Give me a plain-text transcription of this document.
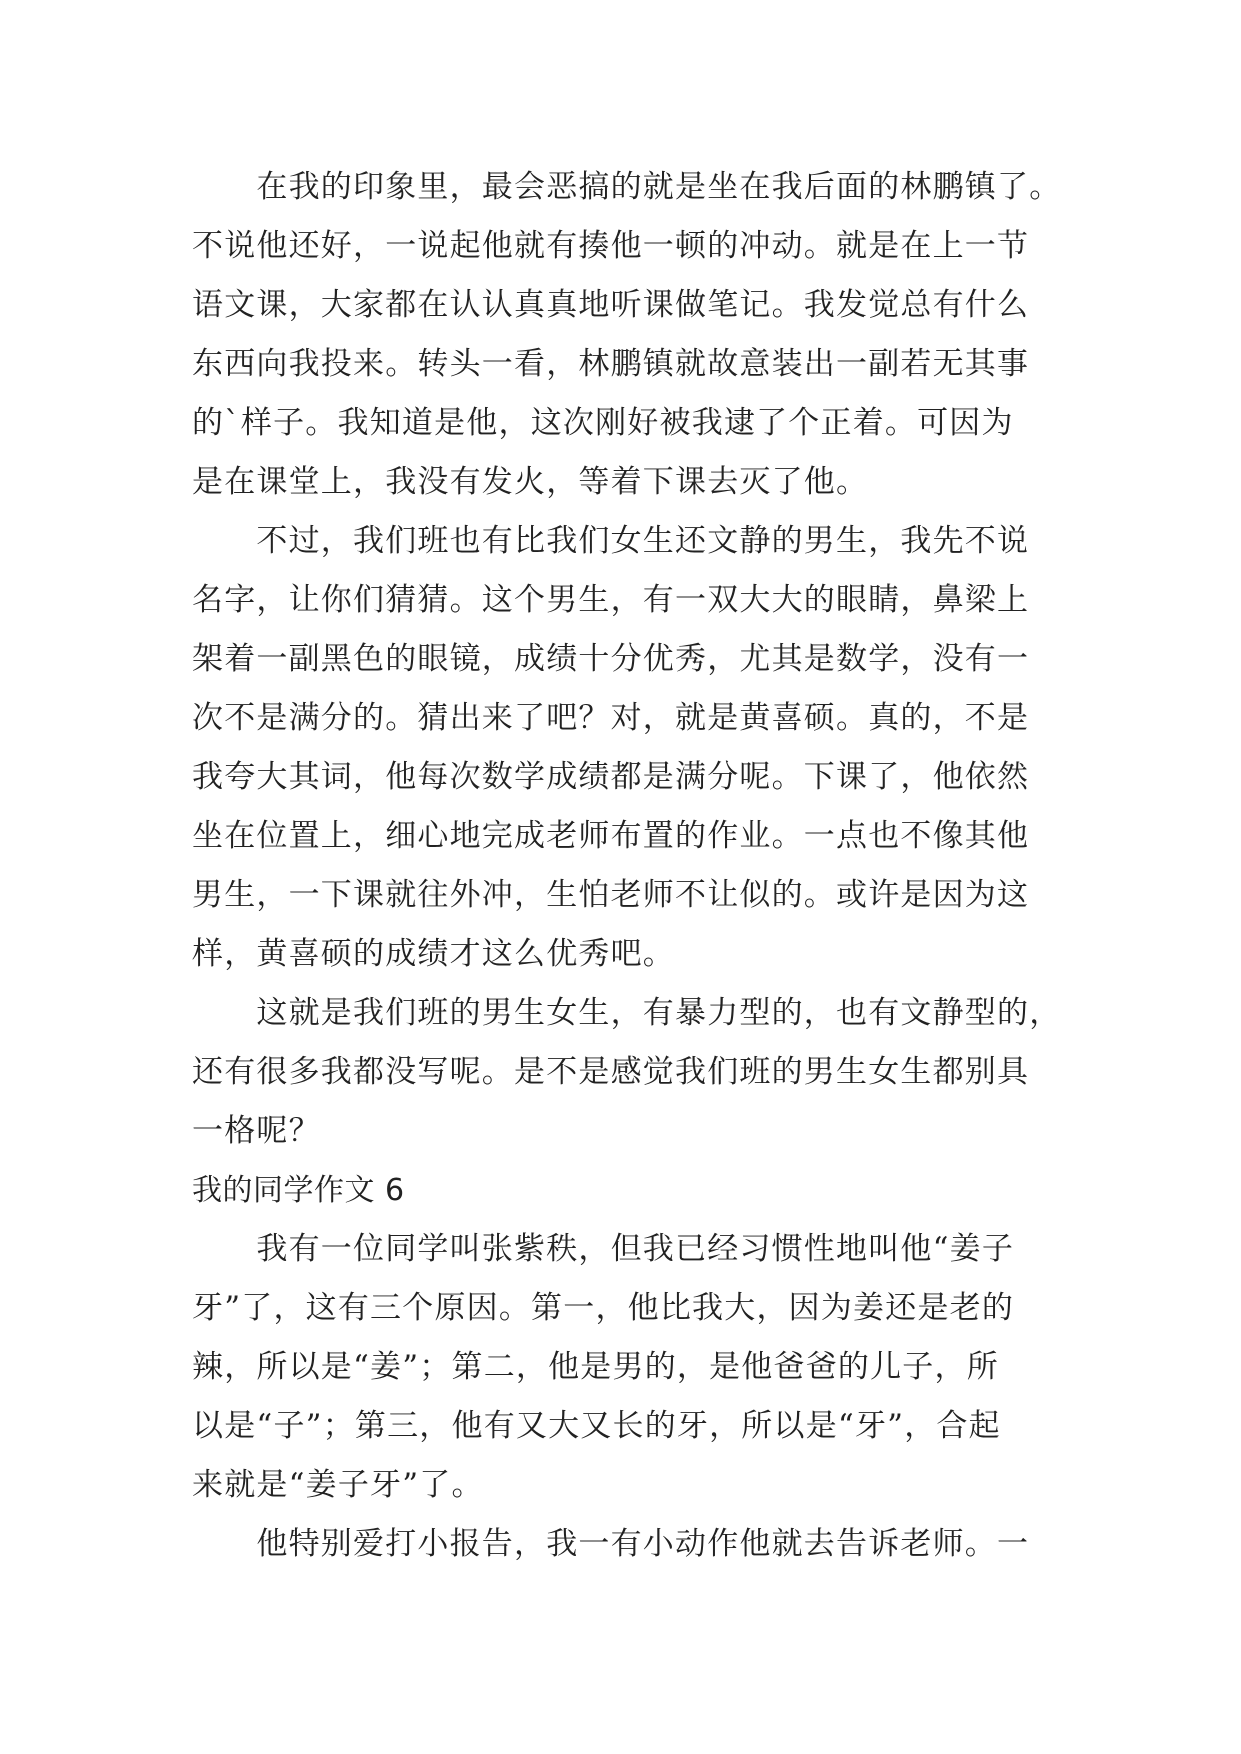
　　在我的印象里，最会恶搞的就是坐在我后面的林鹏镇了。
不说他还好，一说起他就有揍他一顿的冲动。就是在上一节
语文课，大家都在认认真真地听课做笔记。我发觉总有什么
东西向我投来。转头一看，林鹏镇就故意装出一副若无其事
的`样子。我知道是他，这次刚好被我逮了个正着。可因为
是在课堂上，我没有发火，等着下课去灭了他。
　　不过，我们班也有比我们女生还文静的男生，我先不说
名字，让你们猜猜。这个男生，有一双大大的眼睛，鼻梁上
架着一副黑色的眼镜，成绩十分优秀，尤其是数学，没有一
次不是满分的。猜出来了吧？对，就是黄喜硕。真的，不是
我夸大其词，他每次数学成绩都是满分呢。下课了，他依然
坐在位置上，细心地完成老师布置的作业。一点也不像其他
男生，一下课就往外冲，生怕老师不让似的。或许是因为这
样，黄喜硕的成绩才这么优秀吧。
　　这就是我们班的男生女生，有暴力型的，也有文静型的，
还有很多我都没写呢。是不是感觉我们班的男生女生都别具
一格呢？
我的同学作文 6
　　我有一位同学叫张紫秩，但我已经习惯性地叫他“姜子
牙”了，这有三个原因。第一，他比我大，因为姜还是老的
辣，所以是“姜”；第二，他是男的，是他爸爸的儿子，所
以是“子”；第三，他有又大又长的牙，所以是“牙”，合起
来就是“姜子牙”了。
　　他特别爱打小报告，我一有小动作他就去告诉老师。一
